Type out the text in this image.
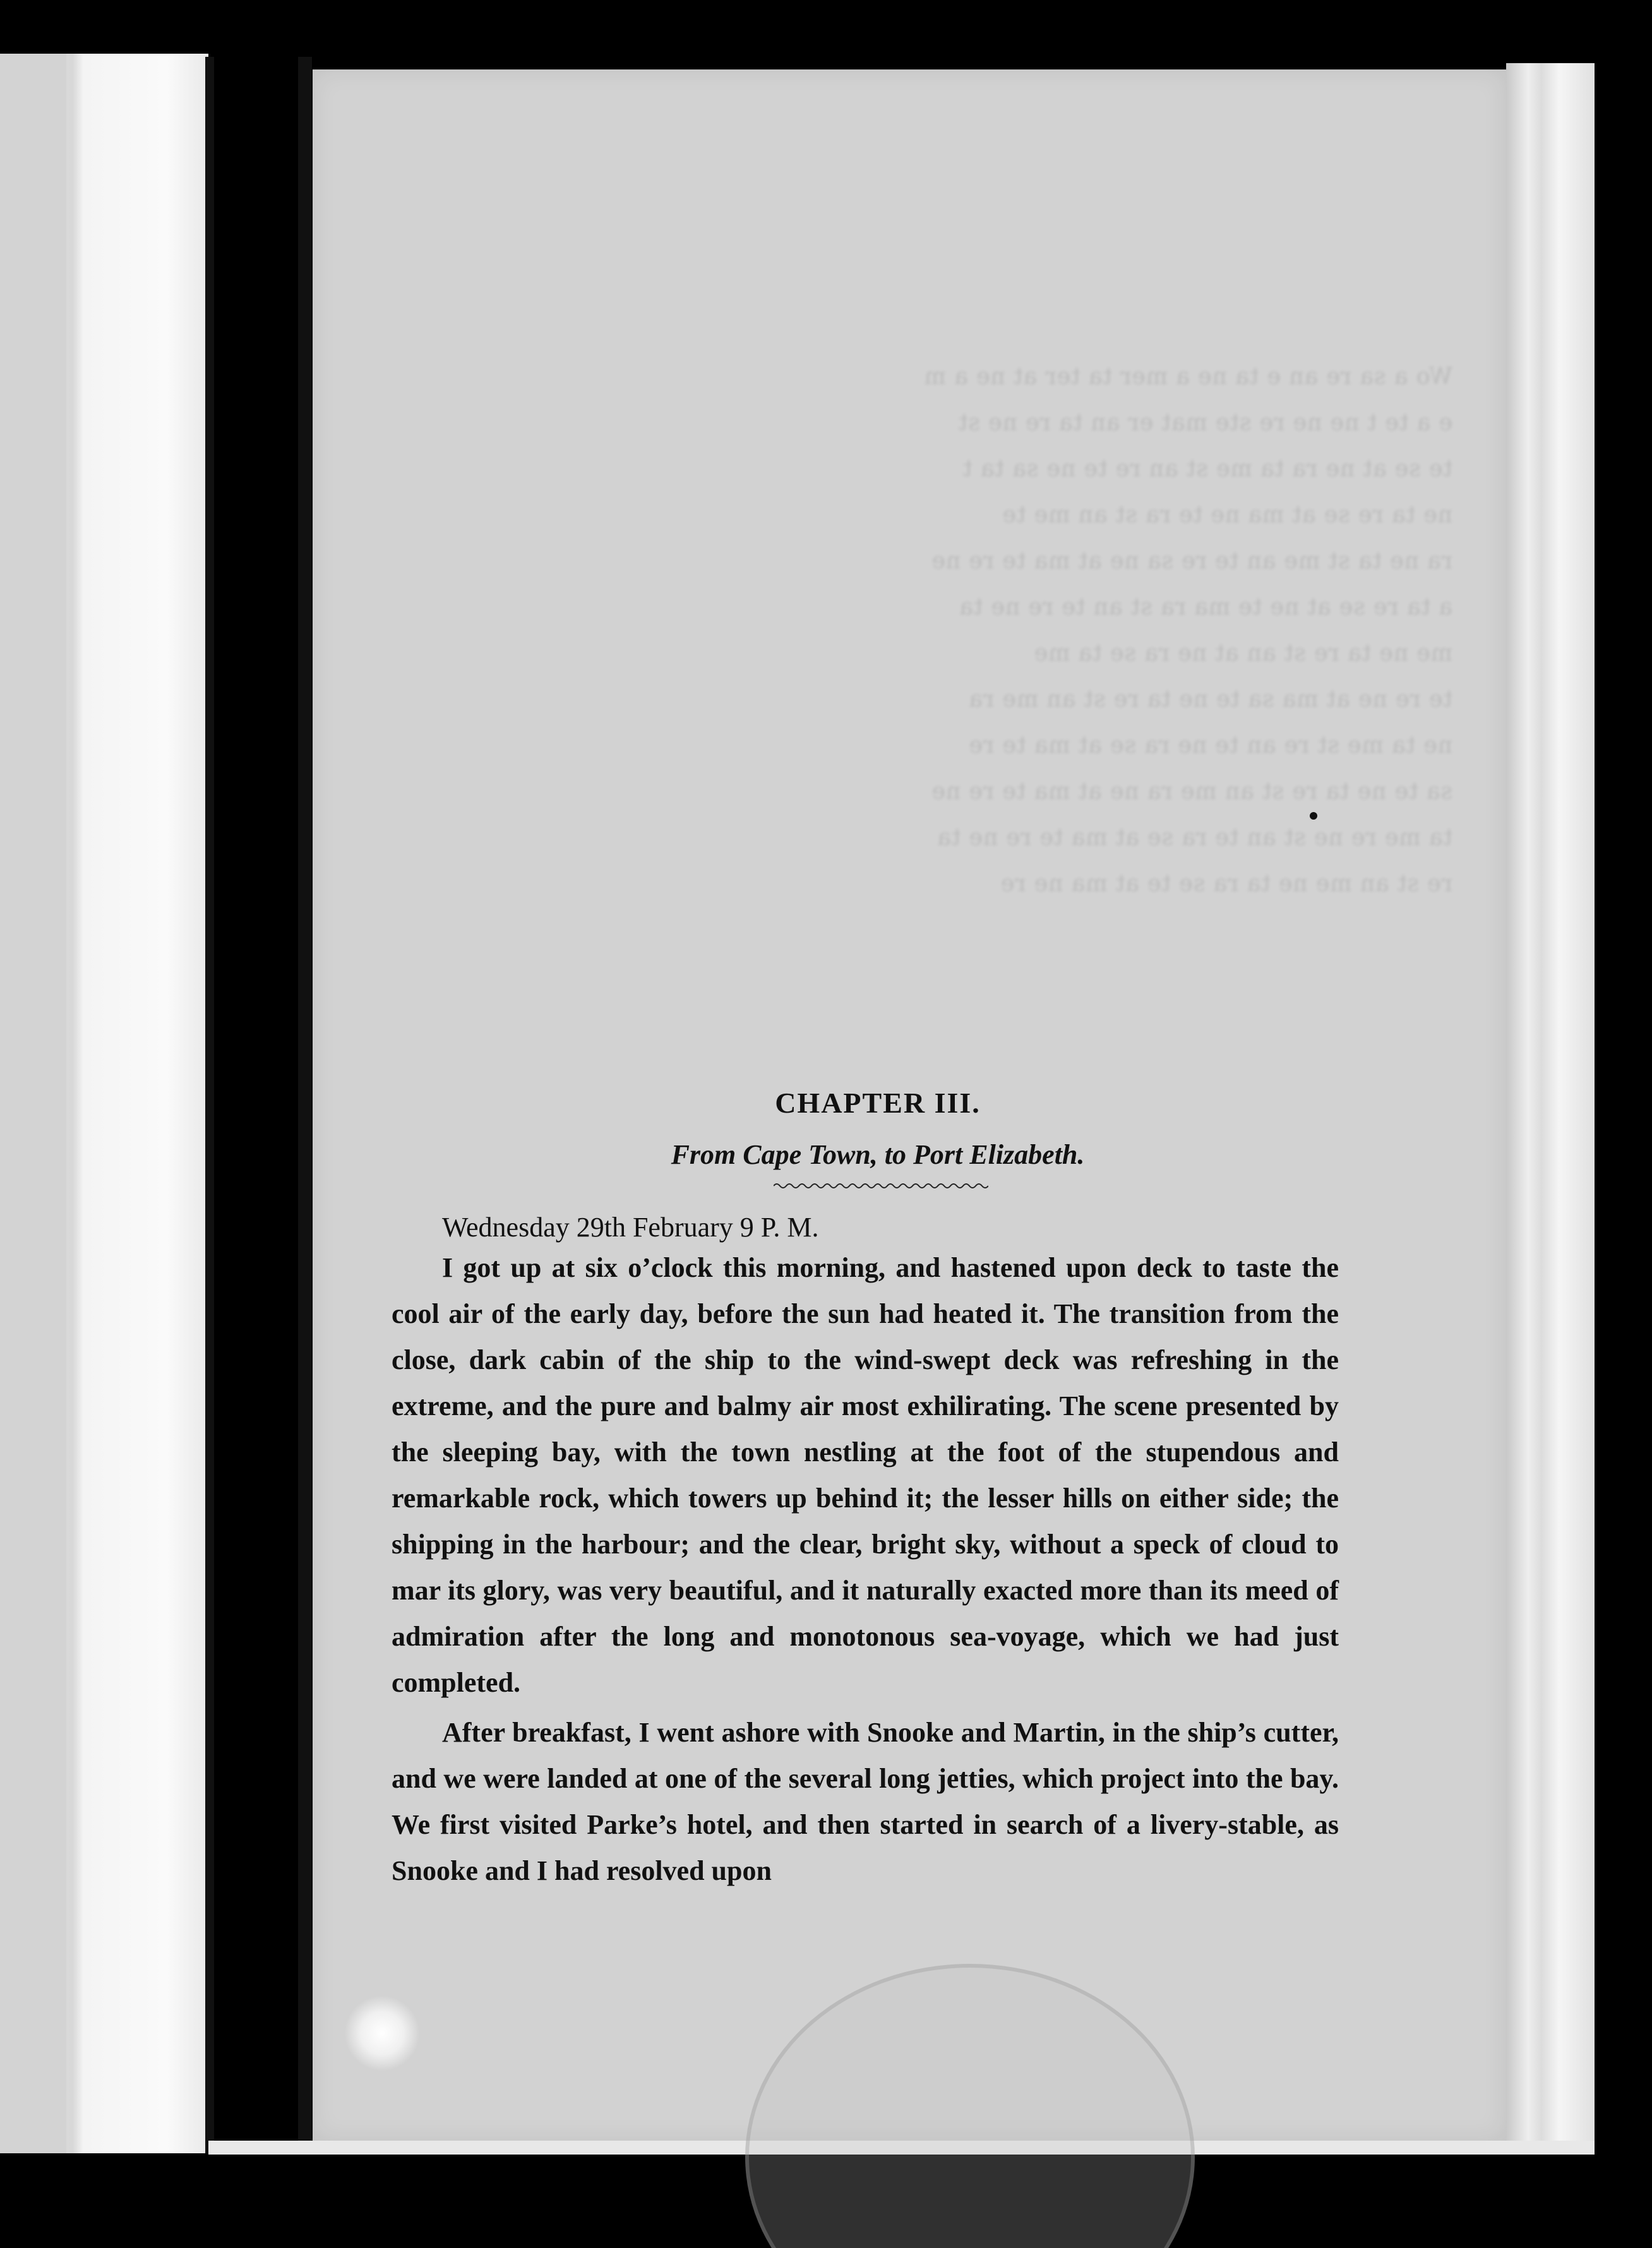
Wo a sa re an e ta ne a mer ta ter at ne a m
e a te t ne ne re ste mat er an ta re ne st
te se at ne ra ta me st an re te ne sa ta t
ne ta re se at ma ne te ra st an me te
ra ne ta st me an te re sa ne at ma te re ne
a ta re se at ne te ma ra st an te re ne ta
me ne ta re st an at ne ra se ta me
te re ne at ma sa te ne ta re st an me ra
ne ta me st re an te ne ra se at ma te re
sa te ne ta re st an me ra ne at ma te re ne
ta me re ne st an te ra se at ma te re ne ta
re st an me ne ta ra se te at ma ne re
CHAPTER III.
From Cape Town, to Port Elizabeth.

Wednesday 29th February 9 P. M.

I got up at six o’clock this morning, and hastened upon deck to taste the cool air of the early day, before the sun had heated it. The transition from the close, dark cabin of the ship to the wind-swept deck was refreshing in the extreme, and the pure and balmy air most exhilirating. The scene presented by the sleeping bay, with the town nestling at the foot of the stupendous and remarkable rock, which towers up behind it; the lesser hills on either side; the shipping in the harbour; and the clear, bright sky, without a speck of cloud to mar its glory, was very beautiful, and it naturally exacted more than its meed of admiration after the long and monotonous sea-voyage, which we had just completed.

After breakfast, I went ashore with Snooke and Martin, in the ship’s cutter, and we were landed at one of the several long jetties, which project into the bay. We first visited Parke’s hotel, and then started in search of a livery-stable, as Snooke and I had resolved upon
